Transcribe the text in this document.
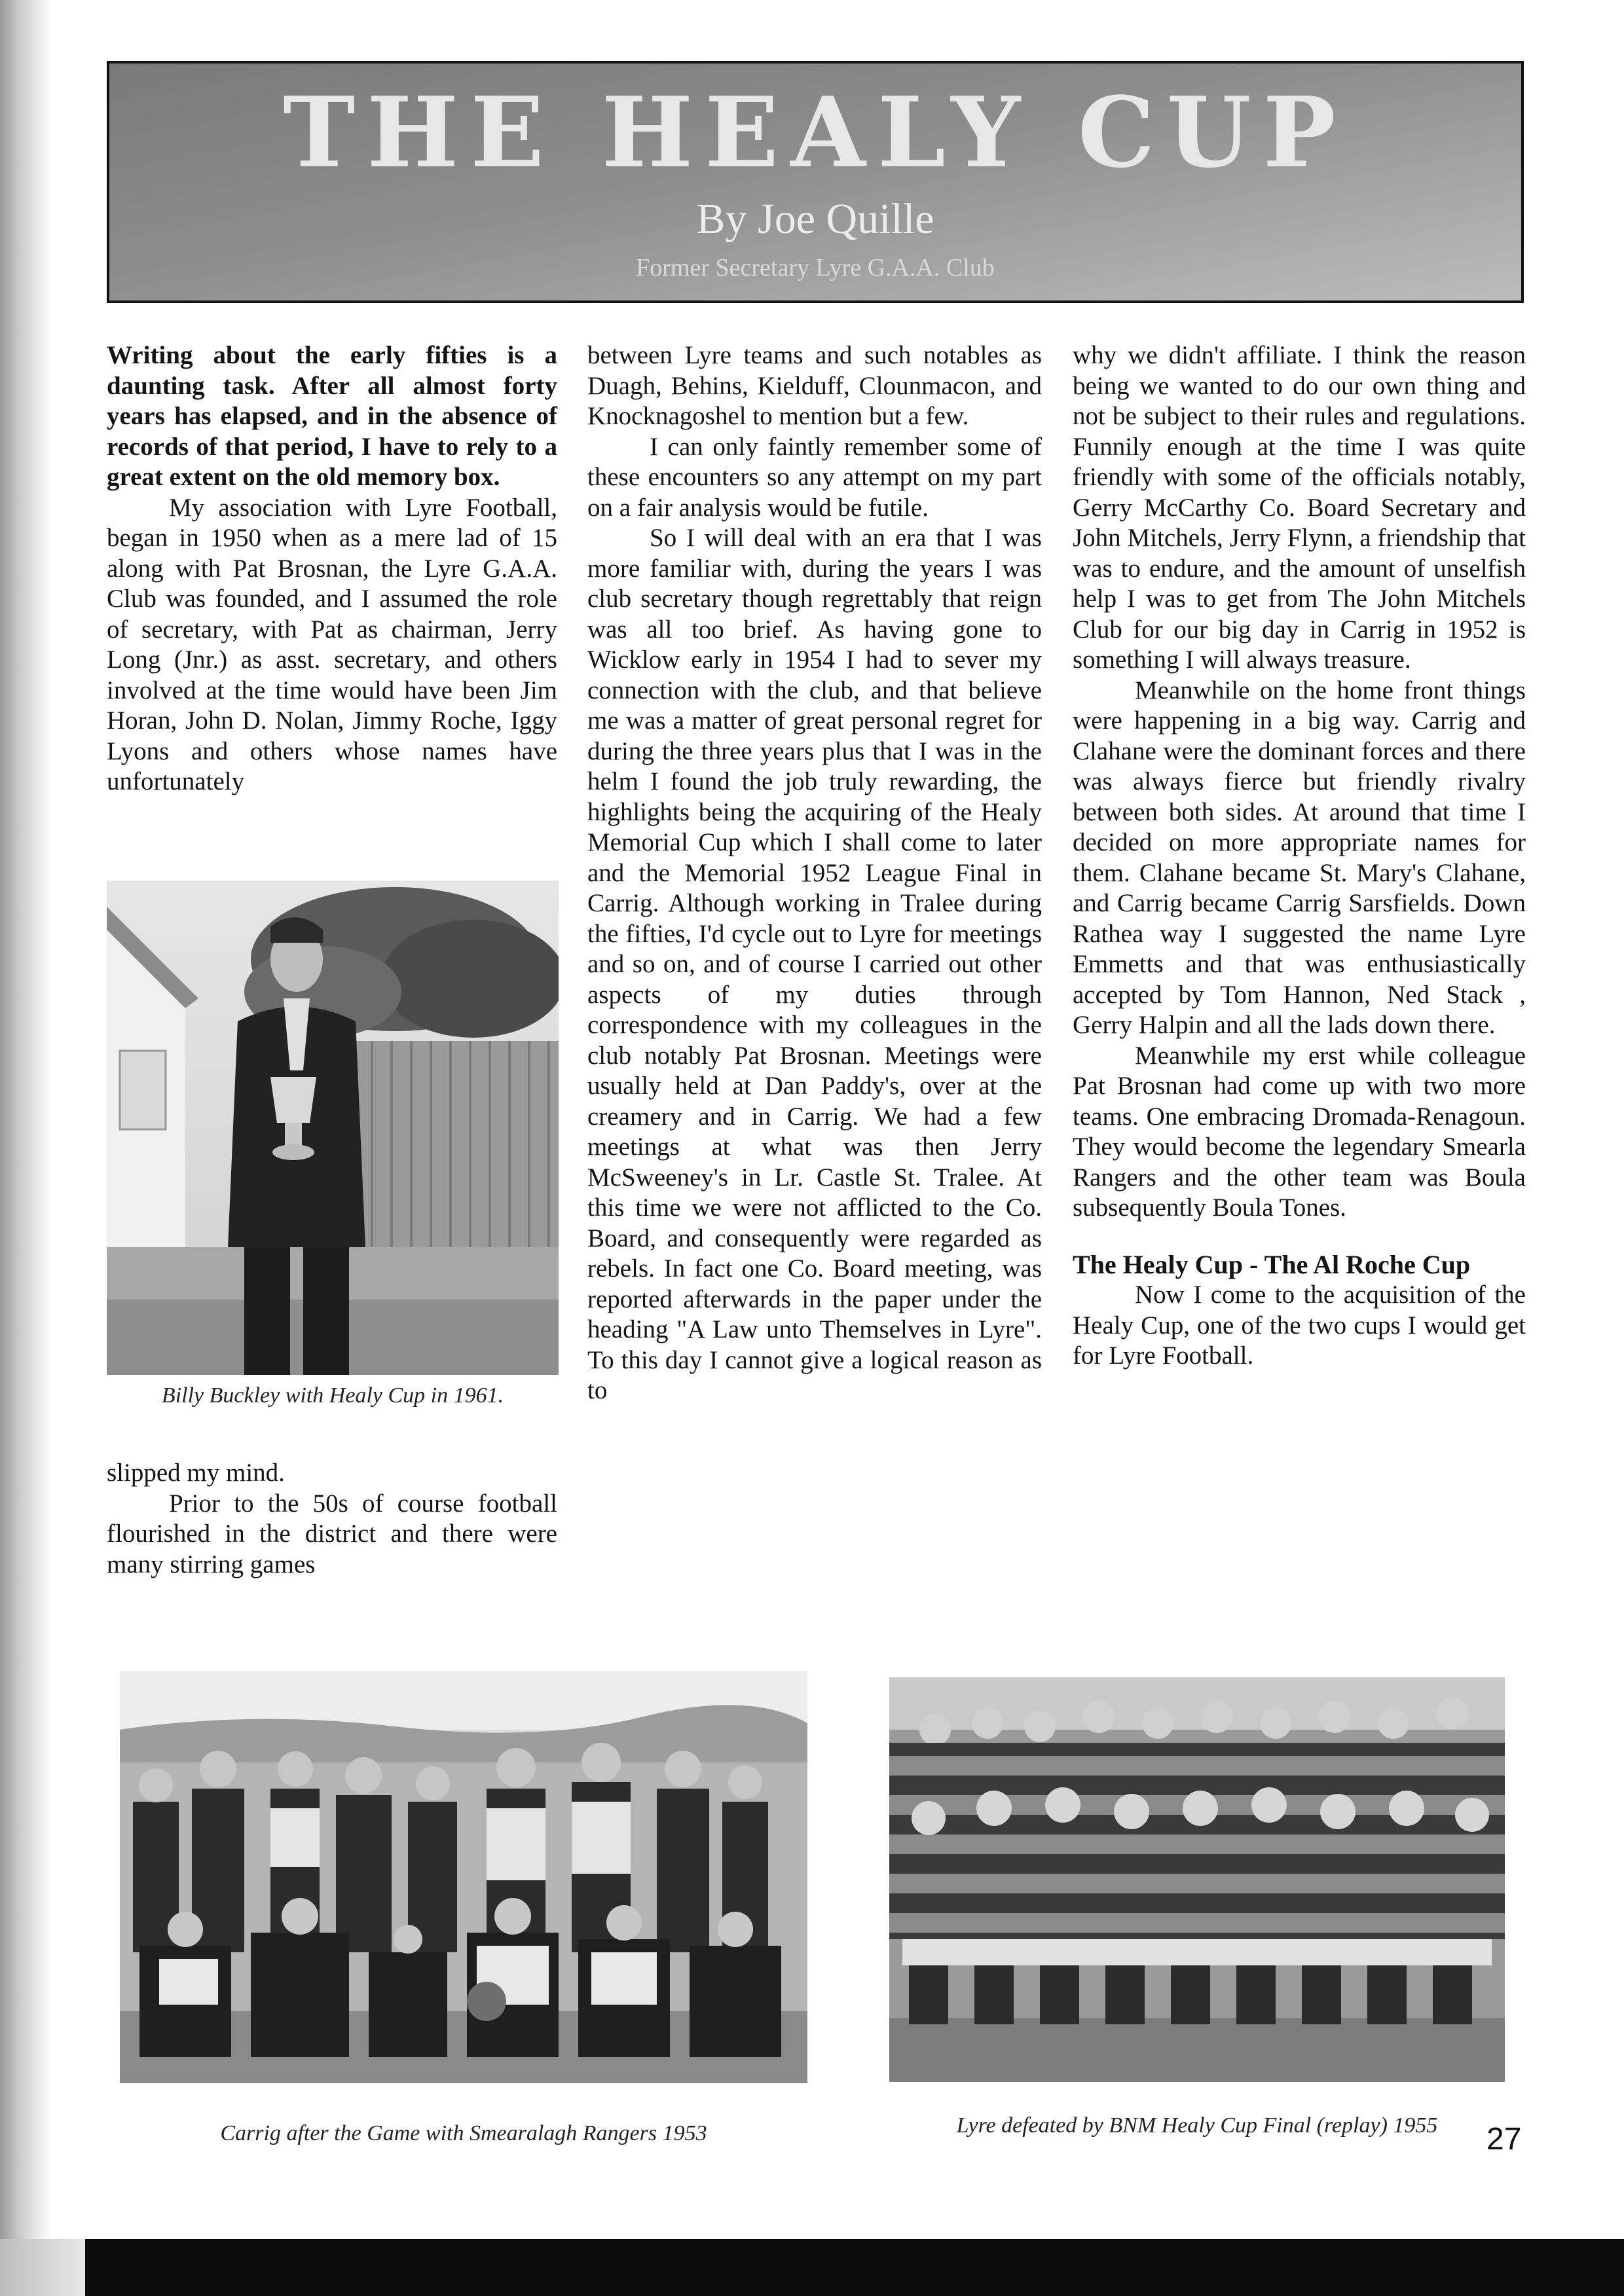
THE HEALY CUP
By Joe Quille
Former Secretary Lyre G.A.A. Club

Writing about the early fifties is a daunting task. After all almost forty years has elapsed, and in the absence of records of that period, I have to rely to a great extent on the old memory box.

My association with Lyre Football, began in 1950 when as a mere lad of 15 along with Pat Brosnan, the Lyre G.A.A. Club was founded, and I assumed the role of secretary, with Pat as chairman, Jerry Long (Jnr.) as asst. secretary, and others involved at the time would have been Jim Horan, John D. Nolan, Jimmy Roche, Iggy Lyons and others whose names have unfortunately

Billy Buckley with Healy Cup in 1961.

slipped my mind.

Prior to the 50s of course football flourished in the district and there were many stirring games

between Lyre teams and such notables as Duagh, Behins, Kielduff, Clounmacon, and Knocknagoshel to mention but a few.

I can only faintly remember some of these encounters so any attempt on my part on a fair analysis would be futile.

So I will deal with an era that I was more familiar with, during the years I was club secretary though regrettably that reign was all too brief. As having gone to Wicklow early in 1954 I had to sever my connection with the club, and that believe me was a matter of great personal regret for during the three years plus that I was in the helm I found the job truly rewarding, the highlights being the acquiring of the Healy Memorial Cup which I shall come to later and the Memorial 1952 League Final in Carrig. Although working in Tralee during the fifties, I'd cycle out to Lyre for meetings and so on, and of course I carried out other aspects of my duties through correspondence with my colleagues in the club notably Pat Brosnan. Meetings were usually held at Dan Paddy's, over at the creamery and in Carrig. We had a few meetings at what was then Jerry McSweeney's in Lr. Castle St. Tralee. At this time we were not afflicted to the Co. Board, and consequently were regarded as rebels. In fact one Co. Board meeting, was reported afterwards in the paper under the heading "A Law unto Themselves in Lyre". To this day I cannot give a logical reason as to

why we didn't affiliate. I think the reason being we wanted to do our own thing and not be subject to their rules and regulations. Funnily enough at the time I was quite friendly with some of the officials notably, Gerry McCarthy Co. Board Secretary and John Mitchels, Jerry Flynn, a friendship that was to endure, and the amount of unselfish help I was to get from The John Mitchels Club for our big day in Carrig in 1952 is something I will always treasure.

Meanwhile on the home front things were happening in a big way. Carrig and Clahane were the dominant forces and there was always fierce but friendly rivalry between both sides. At around that time I decided on more appropriate names for them. Clahane became St. Mary's Clahane, and Carrig became Carrig Sarsfields. Down Rathea way I suggested the name Lyre Emmetts and that was enthusiastically accepted by Tom Hannon, Ned Stack , Gerry Halpin and all the lads down there.

Meanwhile my erst while colleague Pat Brosnan had come up with two more teams. One embracing Dromada-Renagoun. They would become the legendary Smearla Rangers and the other team was Boula subsequently Boula Tones.

The Healy Cup - The Al Roche Cup

Now I come to the acquisition of the Healy Cup, one of the two cups I would get for Lyre Football.

Carrig after the Game with Smearalagh Rangers 1953	Lyre defeated by BNM Healy Cup Final (replay) 1955	27
